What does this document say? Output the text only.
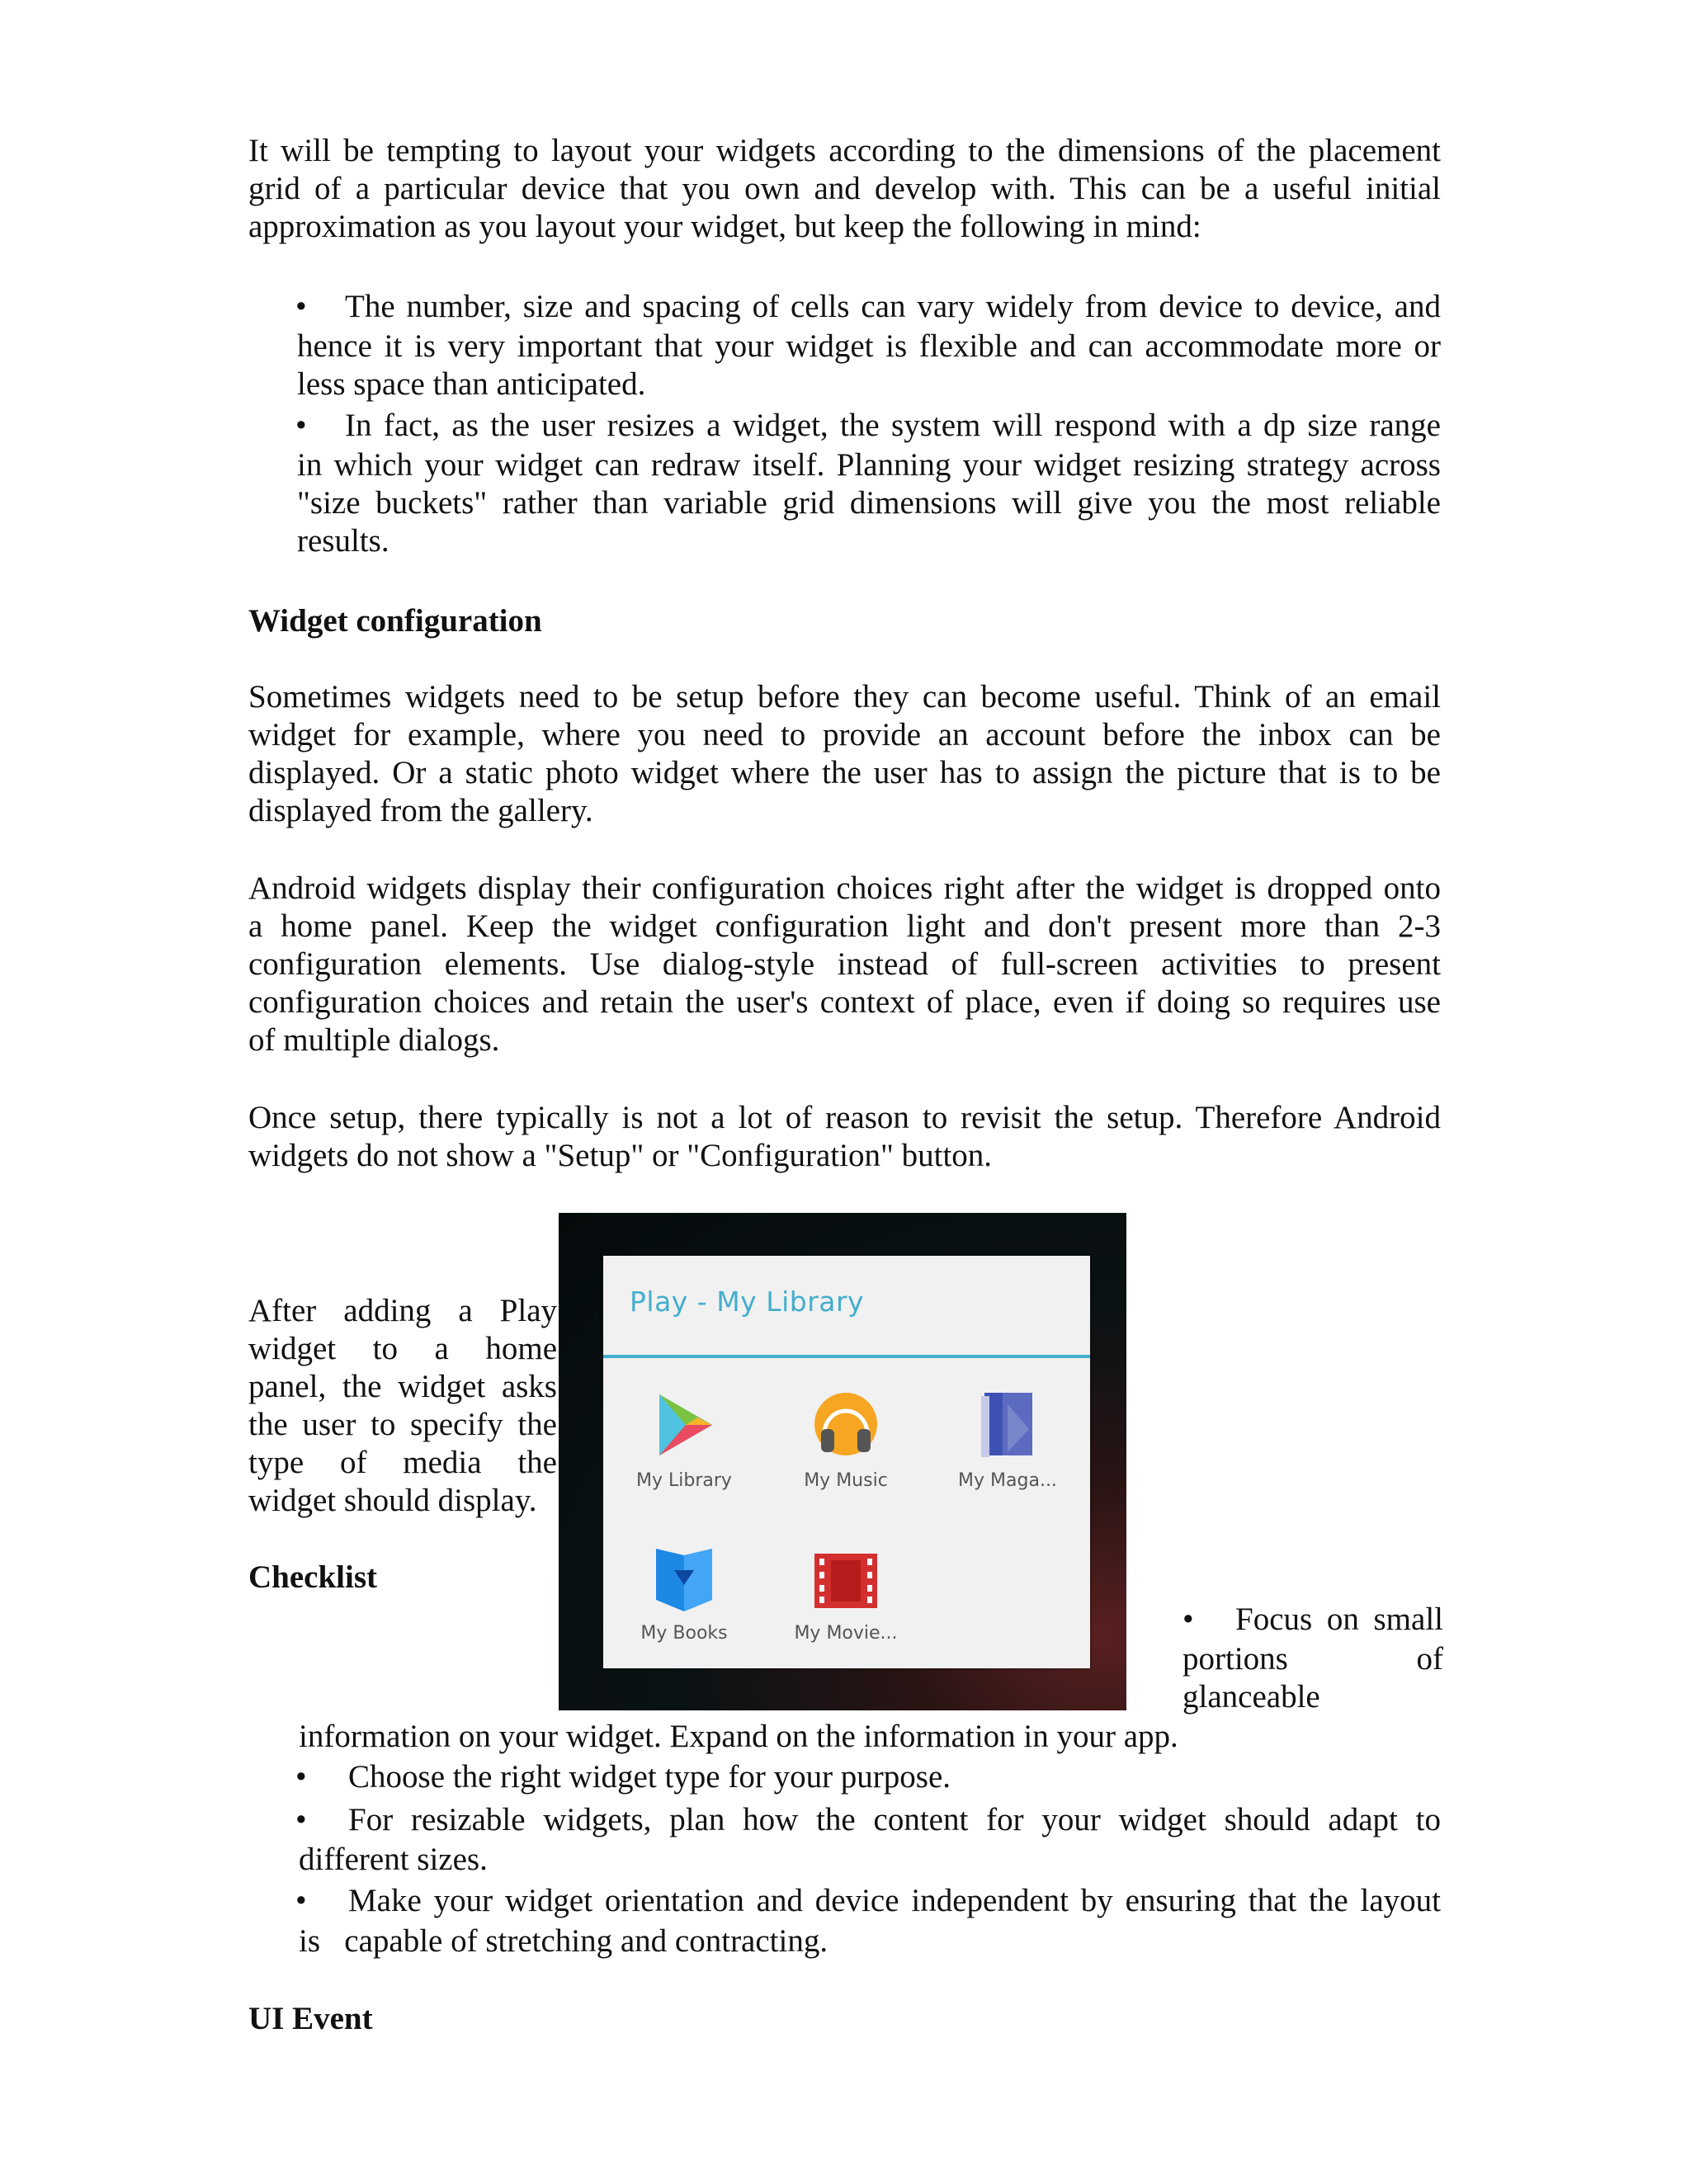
It will be tempting to layout your widgets according to the dimensions of the placement
grid of a particular device that you own and develop with. This can be a useful initial
approximation as you layout your widget, but keep the following in mind:
• The number, size and spacing of cells can vary widely from device to device, and
hence it is very important that your widget is flexible and can accommodate more or
less space than anticipated.
• In fact, as the user resizes a widget, the system will respond with a dp size range
in which your widget can redraw itself. Planning your widget resizing strategy across
"size buckets" rather than variable grid dimensions will give you the most reliable
results.
Widget configuration
Sometimes widgets need to be setup before they can become useful. Think of an email
widget for example, where you need to provide an account before the inbox can be
displayed. Or a static photo widget where the user has to assign the picture that is to be
displayed from the gallery.
Android widgets display their configuration choices right after the widget is dropped onto
a home panel. Keep the widget configuration light and don't present more than 2-3
configuration elements. Use dialog-style instead of full-screen activities to present
configuration choices and retain the user's context of place, even if doing so requires use
of multiple dialogs.
Once setup, there typically is not a lot of reason to revisit the setup. Therefore Android
widgets do not show a "Setup" or "Configuration" button.
After adding a Play
widget to a home
panel, the widget asks
the user to specify the
type of media the
widget should display.
Play - My Library
My Library	My Music	My Maga...
My Books	My Movie...
Checklist
• Focus on small
portions of
glanceable
information on your widget. Expand on the information in your app.
• Choose the right widget type for your purpose.
• For resizable widgets, plan how the content for your widget should adapt to
different sizes.
• Make your widget orientation and device independent by ensuring that the layout
is   capable of stretching and contracting.
UI Event
